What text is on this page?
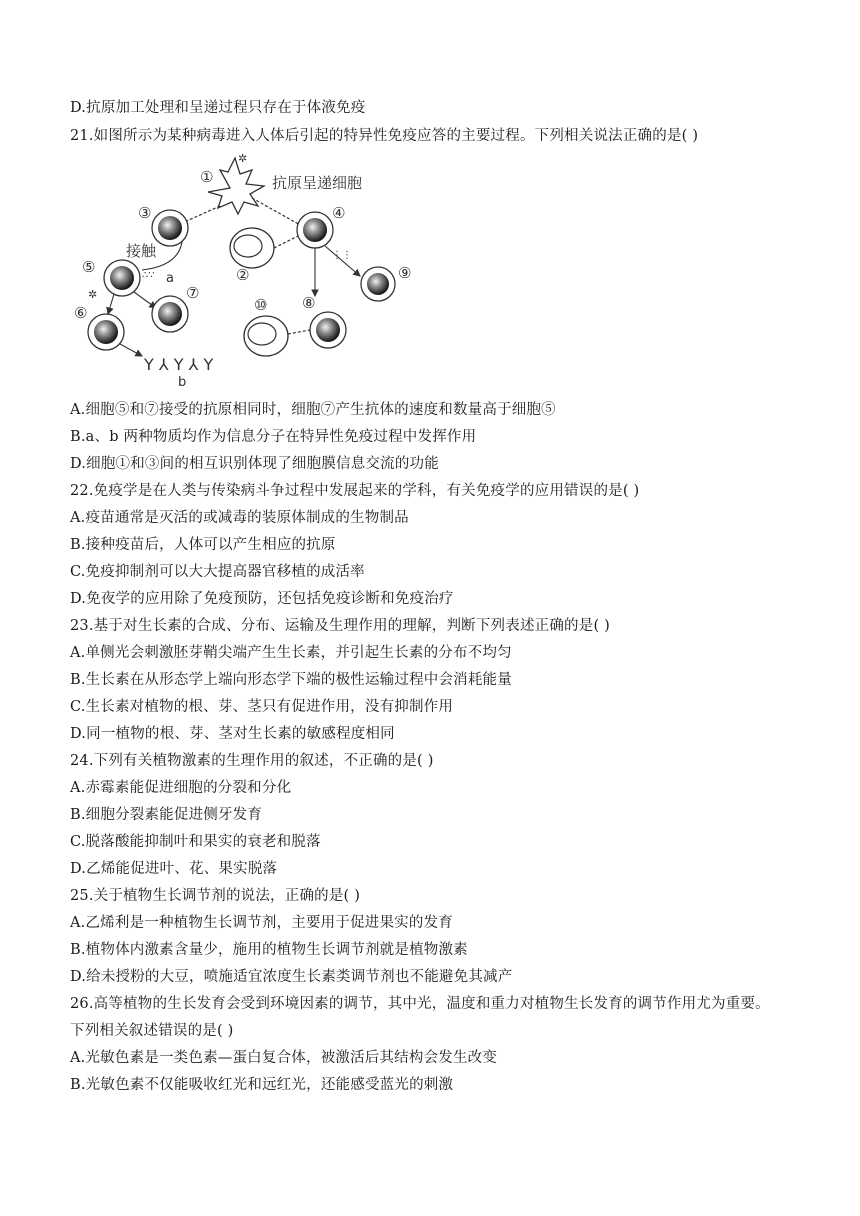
D.抗原加工处理和呈递过程只存在于体液免疫
21.如图所示为某种病毒进入人体后引起的特异性免疫应答的主要过程。下列相关说法正确的是( )
①
✲
抗原呈递细胞
③
接触
②
④
⋮⋮
⑨
⑩ ⑧
⑤	∴∵ a
✲
⑥
⑦
Y ⅄ Y ⅄ Y
b
A.细胞⑤和⑦接受的抗原相同时，细胞⑦产生抗体的速度和数量高于细胞⑤
B.a、b 两种物质均作为信息分子在特异性免疫过程中发挥作用
D.细胞①和③间的相互识别体现了细胞膜信息交流的功能
22.免疫学是在人类与传染病斗争过程中发展起来的学科，有关免疫学的应用错误的是( )
A.疫苗通常是灭活的或减毒的装原体制成的生物制品
B.接种疫苗后，人体可以产生相应的抗原
C.免疫抑制剂可以大大提高器官移植的成活率
D.免夜学的应用除了免疫预防，还包括免疫诊断和免疫治疗
23.基于对生长素的合成、分布、运输及生理作用的理解，判断下列表述正确的是( )
A.单侧光会刺激胚芽鞘尖端产生生长素，并引起生长素的分布不均匀
B.生长素在从形态学上端向形态学下端的极性运输过程中会消耗能量
C.生长素对植物的根、芽、茎只有促进作用，没有抑制作用
D.同一植物的根、芽、茎对生长素的敏感程度相同
24.下列有关植物激素的生理作用的叙述，不正确的是( )
A.赤霉素能促进细胞的分裂和分化
B.细胞分裂素能促进侧牙发育
C.脱落酸能抑制叶和果实的衰老和脱落
D.乙烯能促进叶、花、果实脱落
25.关于植物生长调节剂的说法，正确的是( )
A.乙烯利是一种植物生长调节剂，主要用于促进果实的发育
B.植物体内激素含量少，施用的植物生长调节剂就是植物激素
D.给未授粉的大豆，喷施适宜浓度生长素类调节剂也不能避免其减产
26.高等植物的生长发育会受到环境因素的调节，其中光，温度和重力对植物生长发育的调节作用尤为重要。
下列相关叙述错误的是( )
A.光敏色素是一类色素—蛋白复合体，被激活后其结构会发生改变
B.光敏色素不仅能吸收红光和远红光，还能感受蓝光的刺激
